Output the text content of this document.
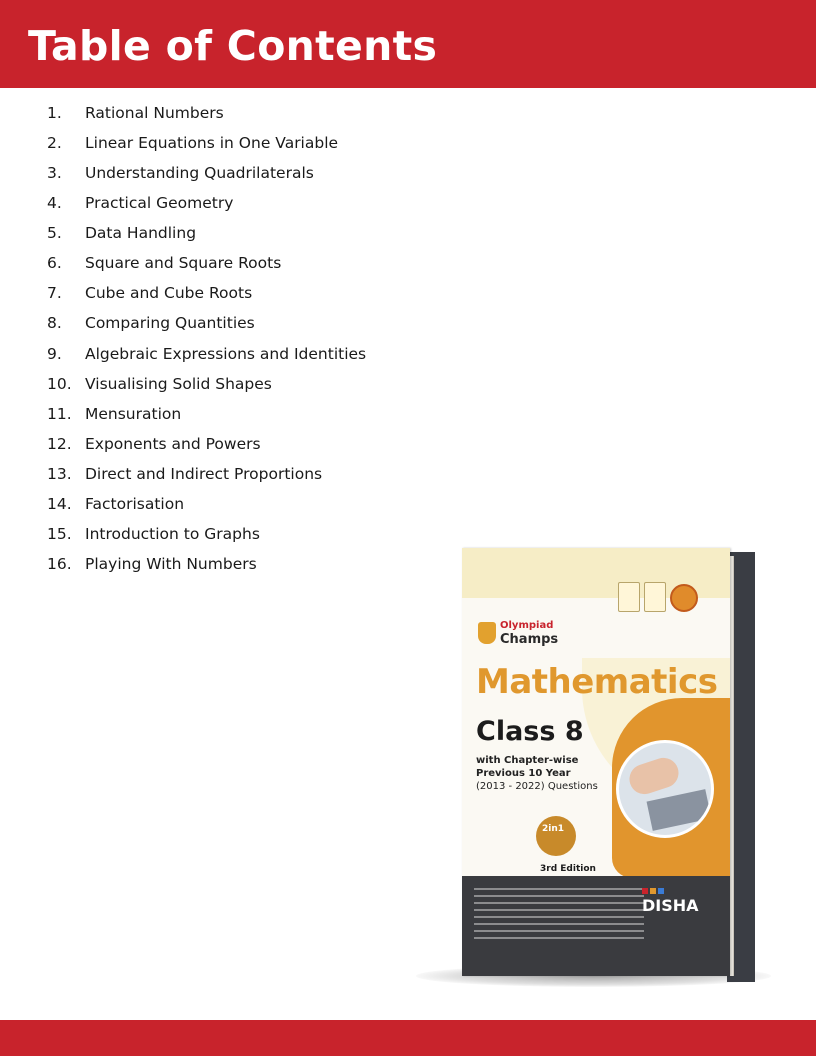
Table of Contents
1.	Rational Numbers
2.	Linear Equations in One Variable
3.	Understanding Quadrilaterals
4.	Practical Geometry
5.	Data Handling
6.	Square and Square Roots
7.	Cube and Cube Roots
8.	Comparing Quantities
9.	Algebraic Expressions and Identities
10. Visualising Solid Shapes
11. Mensuration
12. Exponents and Powers
13. Direct and Indirect Proportions
14. Factorisation
15. Introduction to Graphs
16. Playing With Numbers
Olympiad
Champs
Mathematics
Class 8
with Chapter-wise
Previous 10 Year
(2013 - 2022) Questions
2in1
3rd Edition
DISHA
